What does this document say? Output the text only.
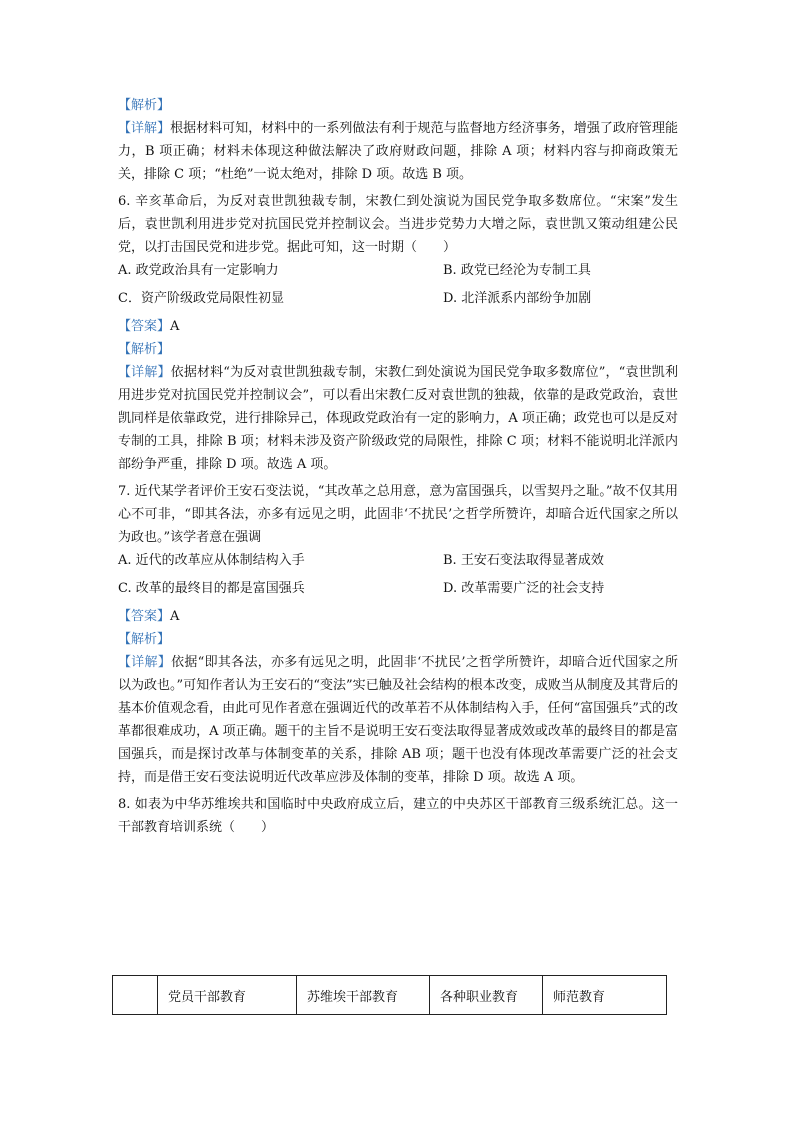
【解析】

【详解】根据材料可知，材料中的一系列做法有利于规范与监督地方经济事务，增强了政府管理能力，B 项正确；材料未体现这种做法解决了政府财政问题，排除 A 项；材料内容与抑商政策无关，排除 C 项；“杜绝”一说太绝对，排除 D 项。故选 B 项。

6. 辛亥革命后，为反对袁世凯独裁专制，宋教仁到处演说为国民党争取多数席位。“宋案”发生后，袁世凯利用进步党对抗国民党并控制议会。当进步党势力大增之际，袁世凯又策动组建公民党，以打击国民党和进步党。据此可知，这一时期（　　）

A. 政党政治具有一定影响力	B. 政党已经沦为专制工具
C．资产阶级政党局限性初显	D. 北洋派系内部纷争加剧

【答案】A

【解析】

【详解】依据材料“为反对袁世凯独裁专制，宋教仁到处演说为国民党争取多数席位”，“袁世凯利用进步党对抗国民党并控制议会”，可以看出宋教仁反对袁世凯的独裁，依靠的是政党政治，袁世凯同样是依靠政党，进行排除异己，体现政党政治有一定的影响力，A 项正确；政党也可以是反对专制的工具，排除 B 项；材料未涉及资产阶级政党的局限性，排除 C 项；材料不能说明北洋派内部纷争严重，排除 D 项。故选 A 项。

7. 近代某学者评价王安石变法说，“其改革之总用意，意为富国强兵，以雪契丹之耻。”故不仅其用心不可非，“即其各法，亦多有远见之明，此固非‘不扰民’之哲学所赞许，却暗合近代国家之所以为政也。”该学者意在强调

A. 近代的改革应从体制结构入手	B. 王安石变法取得显著成效
C. 改革的最终目的都是富国强兵	D. 改革需要广泛的社会支持

【答案】A

【解析】

【详解】依据“即其各法，亦多有远见之明，此固非‘不扰民’之哲学所赞许，却暗合近代国家之所以为政也。”可知作者认为王安石的“变法”实已触及社会结构的根本改变，成败当从制度及其背后的基本价值观念看，由此可见作者意在强调近代的改革若不从体制结构入手，任何“富国强兵”式的改革都很难成功，A 项正确。题干的主旨不是说明王安石变法取得显著成效或改革的最终目的都是富国强兵，而是探讨改革与体制变革的关系，排除 AB 项；题干也没有体现改革需要广泛的社会支持，而是借王安石变法说明近代改革应涉及体制的变革，排除 D 项。故选 A 项。

8. 如表为中华苏维埃共和国临时中央政府成立后，建立的中央苏区干部教育三级系统汇总。这一干部教育培训系统（　　）

	党员干部教育	苏维埃干部教育	各种职业教育	师范教育
